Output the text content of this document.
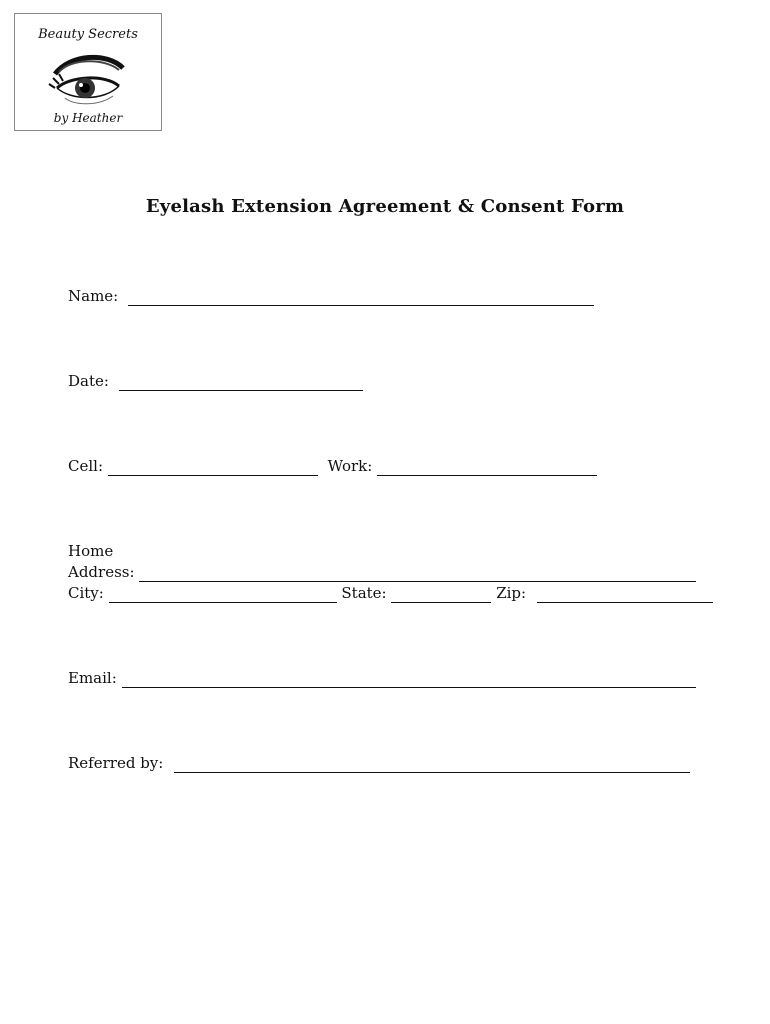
Beauty Secrets
by Heather
Eyelash Extension Agreement & Consent Form
Name:
Date:
Cell:	Work:
Home
Address:
City:	State:	Zip:
Email:
Referred by:
